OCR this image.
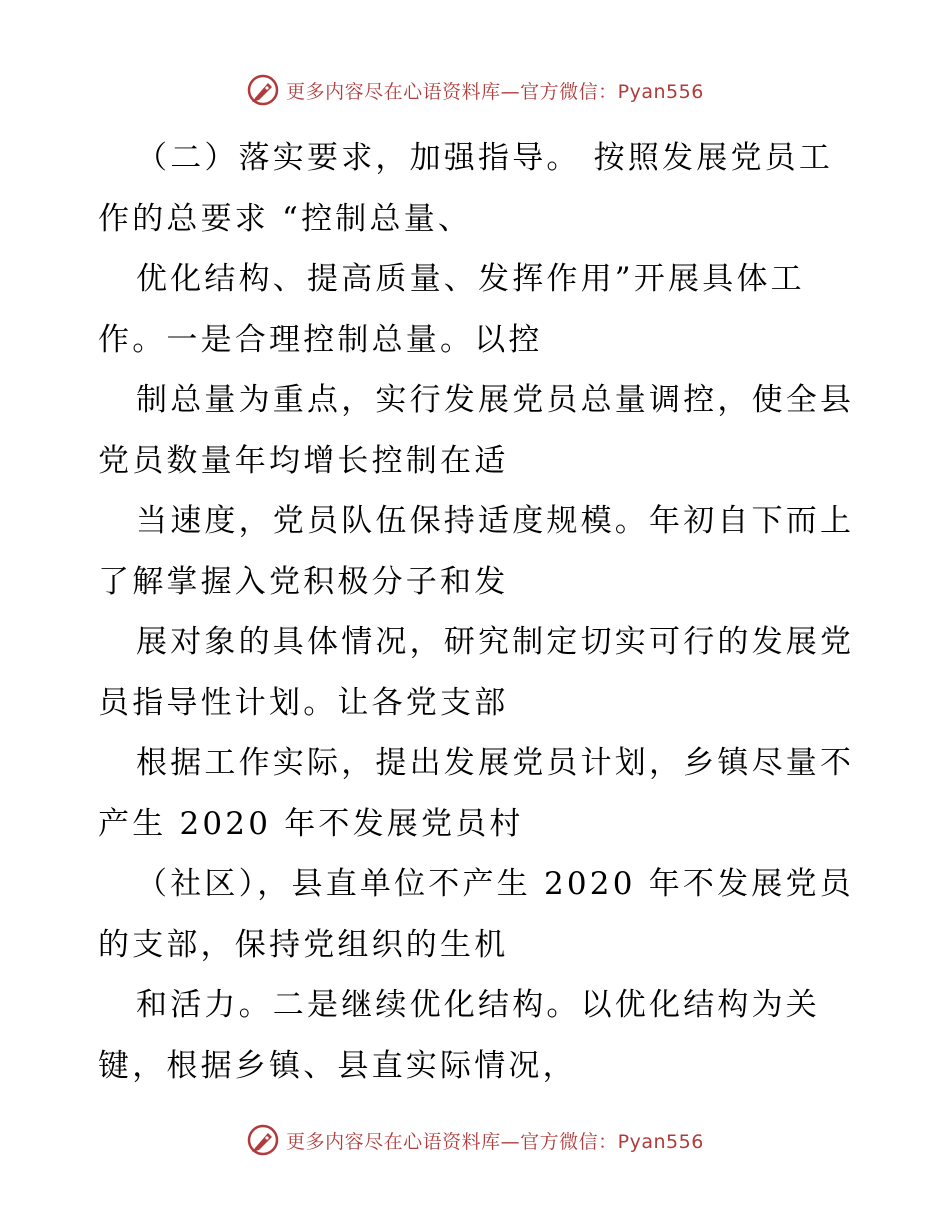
更多内容尽在心语资料库—官方微信：Pyan556
（二）落实要求，加强指导。 按照发展党员工
作的总要求 “控制总量、
优化结构、提高质量、发挥作用”开展具体工
作。一是合理控制总量。以控
制总量为重点，实行发展党员总量调控，使全县
党员数量年均增长控制在适
当速度，党员队伍保持适度规模。年初自下而上
了解掌握入党积极分子和发
展对象的具体情况，研究制定切实可行的发展党
员指导性计划。让各党支部
根据工作实际，提出发展党员计划，乡镇尽量不
产生 2020 年不发展党员村
（社区），县直单位不产生 2020 年不发展党员
的支部，保持党组织的生机
和活力。二是继续优化结构。以优化结构为关
键，根据乡镇、县直实际情况，
更多内容尽在心语资料库—官方微信：Pyan556
